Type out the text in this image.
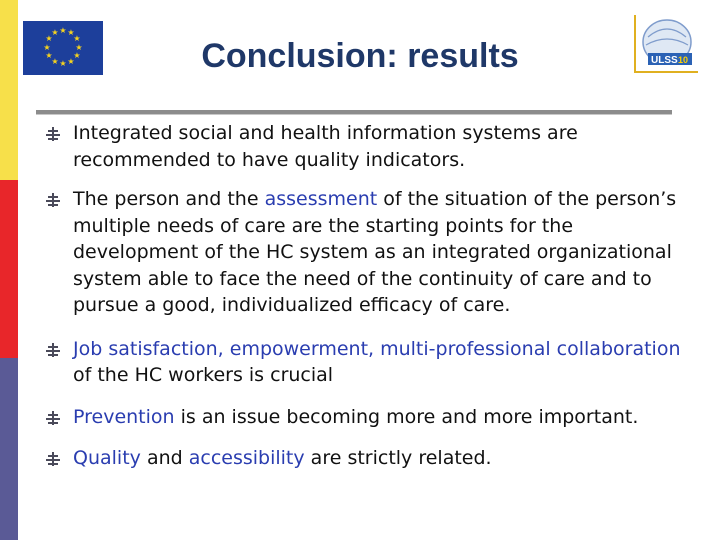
★ ★
★
★
★
★
★
★
★
★
★
★
ULSS 10
Conclusion: results
Integrated social and health information systems are recommended to have quality indicators.
The person and the assessment of the situation of the person’s multiple needs of care are the starting points for the development of the HC system as an integrated organizational system able to face the need of the continuity of care and to pursue a good, individualized efficacy of care.
Job satisfaction, empowerment, multi-professional collaboration of the HC workers is crucial
Prevention is an issue becoming more and more important.
Quality and accessibility are strictly related.
